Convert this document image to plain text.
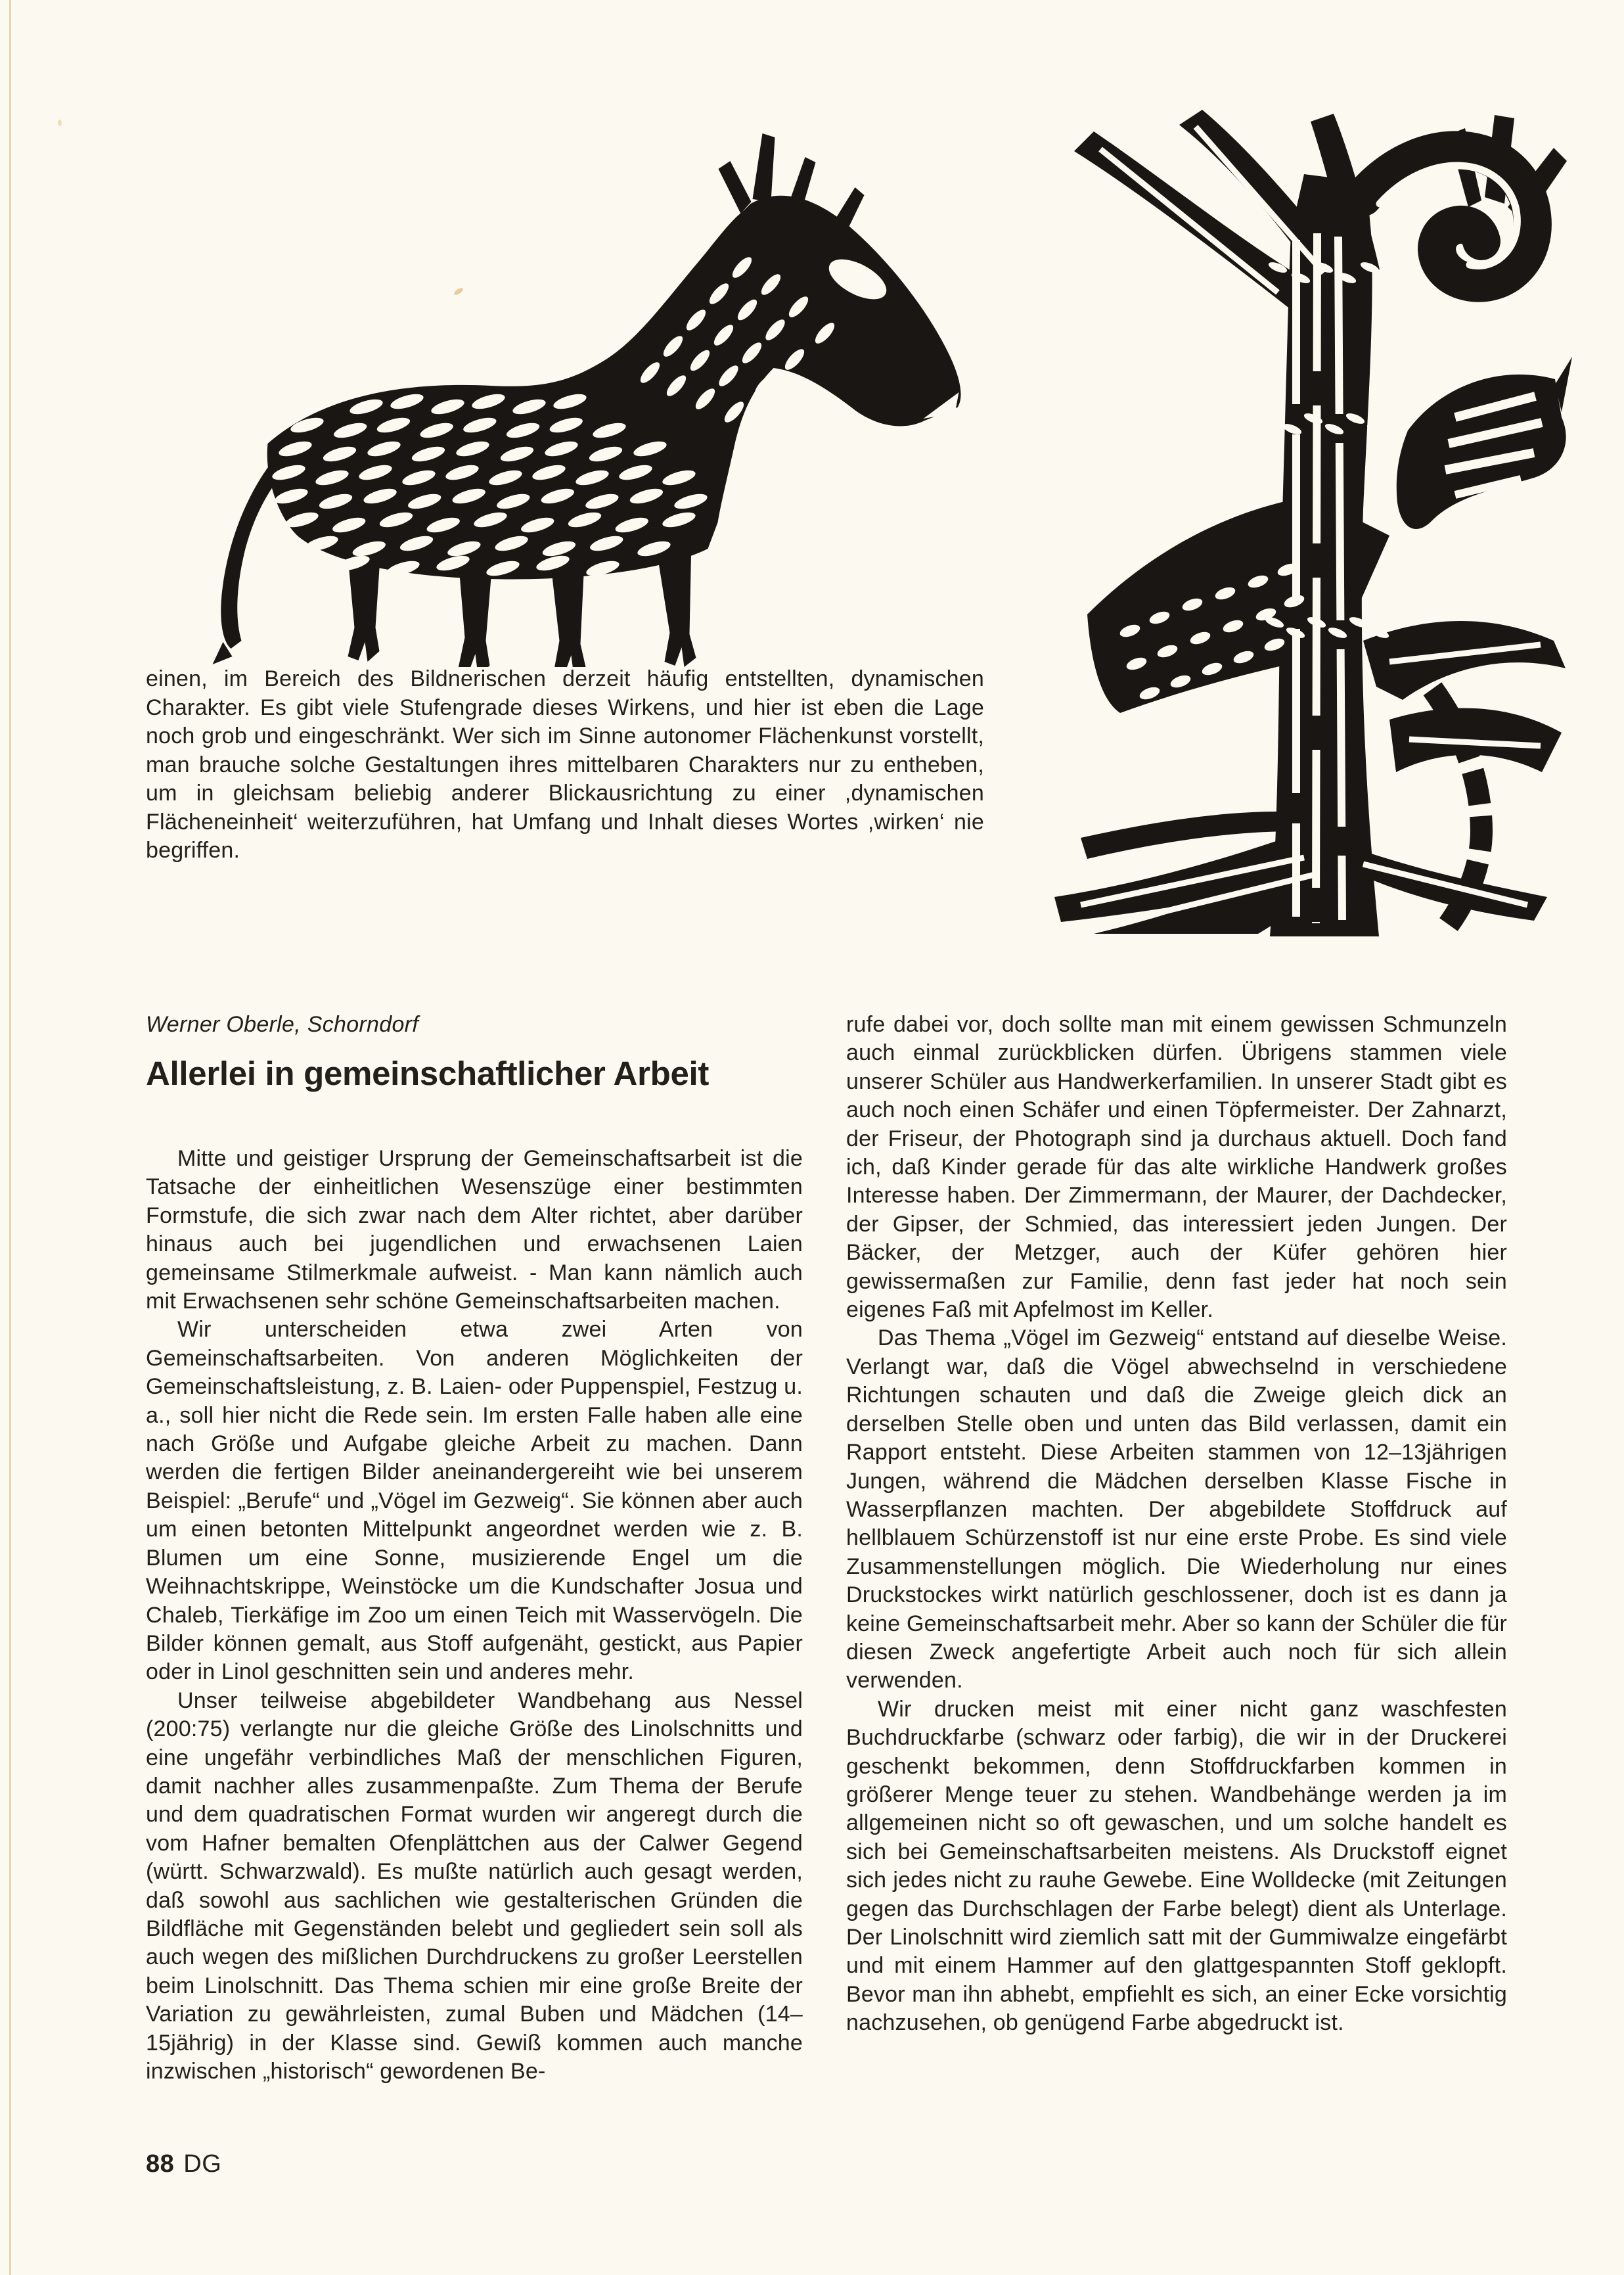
einen, im Bereich des Bildnerischen derzeit häufig entstellten, dynamischen Charakter. Es gibt viele Stufengrade dieses Wirkens, und hier ist eben die Lage noch grob und eingeschränkt. Wer sich im Sinne autonomer Flächenkunst vorstellt, man brauche solche Gestaltungen ihres mittelbaren Charakters nur zu entheben, um in gleichsam beliebig anderer Blickausrichtung zu einer ,dynamischen Flächeneinheit‘ weiterzuführen, hat Umfang und Inhalt dieses Wortes ,wirken‘ nie begriffen.
Werner Oberle, Schorndorf
Allerlei in gemeinschaftlicher Arbeit

Mitte und geistiger Ursprung der Gemeinschaftsarbeit ist die Tatsache der einheitlichen Wesenszüge einer bestimmten Formstufe, die sich zwar nach dem Alter richtet, aber darüber hinaus auch bei jugendlichen und erwachsenen Laien gemeinsame Stilmerkmale aufweist. - Man kann nämlich auch mit Erwachsenen sehr schöne Gemeinschaftsarbeiten machen.

Wir unterscheiden etwa zwei Arten von Gemeinschaftsarbeiten. Von anderen Möglichkeiten der Gemeinschaftsleistung, z. B. Laien- oder Puppenspiel, Festzug u. a., soll hier nicht die Rede sein. Im ersten Falle haben alle eine nach Größe und Aufgabe gleiche Arbeit zu machen. Dann werden die fertigen Bilder aneinandergereiht wie bei unserem Beispiel: „Berufe“ und „Vögel im Gezweig“. Sie können aber auch um einen betonten Mittelpunkt angeordnet werden wie z. B. Blumen um eine Sonne, musizierende Engel um die Weihnachtskrippe, Weinstöcke um die Kundschafter Josua und Chaleb, Tierkäfige im Zoo um einen Teich mit Wasservögeln. Die Bilder können gemalt, aus Stoff aufgenäht, gestickt, aus Papier oder in Linol geschnitten sein und anderes mehr.

Unser teilweise abgebildeter Wandbehang aus Nessel (200:75) verlangte nur die gleiche Größe des Linolschnitts und eine ungefähr verbindliches Maß der menschlichen Figuren, damit nachher alles zusammenpaßte. Zum Thema der Berufe und dem quadratischen Format wurden wir angeregt durch die vom Hafner bemalten Ofenplättchen aus der Calwer Gegend (württ. Schwarzwald). Es mußte natürlich auch gesagt werden, daß sowohl aus sachlichen wie gestalterischen Gründen die Bildfläche mit Gegenständen belebt und gegliedert sein soll als auch wegen des mißlichen Durchdruckens zu großer Leerstellen beim Linolschnitt. Das Thema schien mir eine große Breite der Variation zu gewährleisten, zumal Buben und Mädchen (14–15jährig) in der Klasse sind. Gewiß kommen auch manche inzwischen „historisch“ gewordenen Be-

rufe dabei vor, doch sollte man mit einem gewissen Schmunzeln auch einmal zurückblicken dürfen. Übrigens stammen viele unserer Schüler aus Handwerkerfamilien. In unserer Stadt gibt es auch noch einen Schäfer und einen Töpfermeister. Der Zahnarzt, der Friseur, der Photograph sind ja durchaus aktuell. Doch fand ich, daß Kinder gerade für das alte wirkliche Handwerk großes Interesse haben. Der Zimmermann, der Maurer, der Dachdecker, der Gipser, der Schmied, das interessiert jeden Jungen. Der Bäcker, der Metzger, auch der Küfer gehören hier gewissermaßen zur Familie, denn fast jeder hat noch sein eigenes Faß mit Apfelmost im Keller.

Das Thema „Vögel im Gezweig“ entstand auf dieselbe Weise. Verlangt war, daß die Vögel abwechselnd in verschiedene Richtungen schauten und daß die Zweige gleich dick an derselben Stelle oben und unten das Bild verlassen, damit ein Rapport entsteht. Diese Arbeiten stammen von 12–13jährigen Jungen, während die Mädchen derselben Klasse Fische in Wasserpflanzen machten. Der abgebildete Stoffdruck auf hellblauem Schürzenstoff ist nur eine erste Probe. Es sind viele Zusammenstellungen möglich. Die Wiederholung nur eines Druckstockes wirkt natürlich geschlossener, doch ist es dann ja keine Gemeinschaftsarbeit mehr. Aber so kann der Schüler die für diesen Zweck angefertigte Arbeit auch noch für sich allein verwenden.

Wir drucken meist mit einer nicht ganz waschfesten Buchdruckfarbe (schwarz oder farbig), die wir in der Druckerei geschenkt bekommen, denn Stoffdruckfarben kommen in größerer Menge teuer zu stehen. Wandbehänge werden ja im allgemeinen nicht so oft gewaschen, und um solche handelt es sich bei Gemeinschaftsarbeiten meistens. Als Druckstoff eignet sich jedes nicht zu rauhe Gewebe. Eine Wolldecke (mit Zeitungen gegen das Durchschlagen der Farbe belegt) dient als Unterlage. Der Linolschnitt wird ziemlich satt mit der Gummiwalze eingefärbt und mit einem Hammer auf den glattgespannten Stoff geklopft. Bevor man ihn abhebt, empfiehlt es sich, an einer Ecke vorsichtig nachzusehen, ob genügend Farbe abgedruckt ist.

88 DG
